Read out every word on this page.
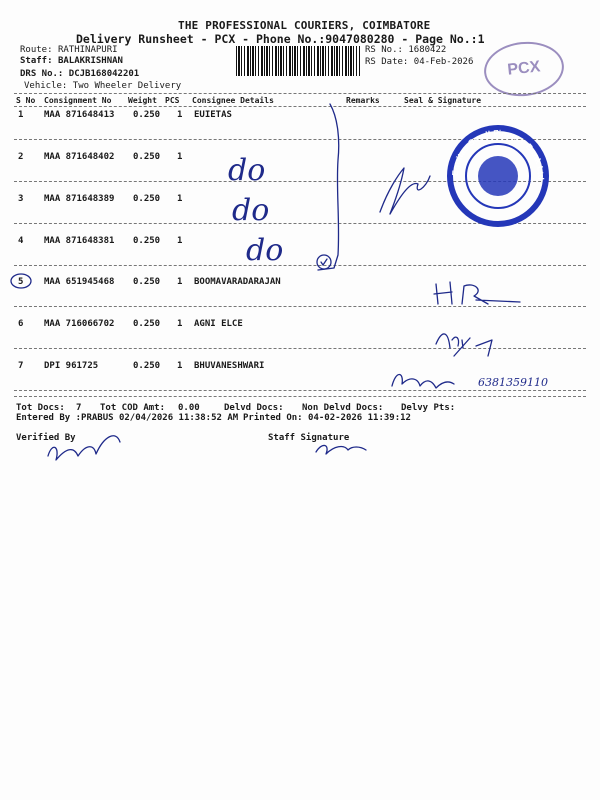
THE PROFESSIONAL COURIERS, COIMBATORE
Delivery Runsheet - PCX - Phone No.:9047080280 - Page No.:1
Route: RATHINAPURI
Staff: BALAKRISHNAN
DRS No.: DCJB168042201
Vehicle: Two Wheeler Delivery
RS No.: 1680422
RS Date: 04-Feb-2026	PCX
S No Consignment No Weight PCS Consignee Details	Remarks	Seal & Signature
1 MAA 871648413 0.250 1 EUIETAS
2 MAA 871648402 0.250 1
3 MAA 871648389 0.250 1
4 MAA 871648381 0.250 1
5 MAA 651945468 0.250 1 BOOMAVARADARAJAN
6 MAA 716066702 0.250 1 AGNI ELCE
7 DPI 961725	0.250 1 BHUVANESHWARI
Tot Docs: 7 Tot COD Amt: 0.00	Delvd Docs: Non Delvd Docs: Delvy Pts:
Entered By :PRABUS 02/04/2026 11:38:52 AM Printed On: 04-02-2026 11:39:12
Verified By	Staff Signature
do
do
do
6381359110
Equitas Small Finance Bank Ltd
